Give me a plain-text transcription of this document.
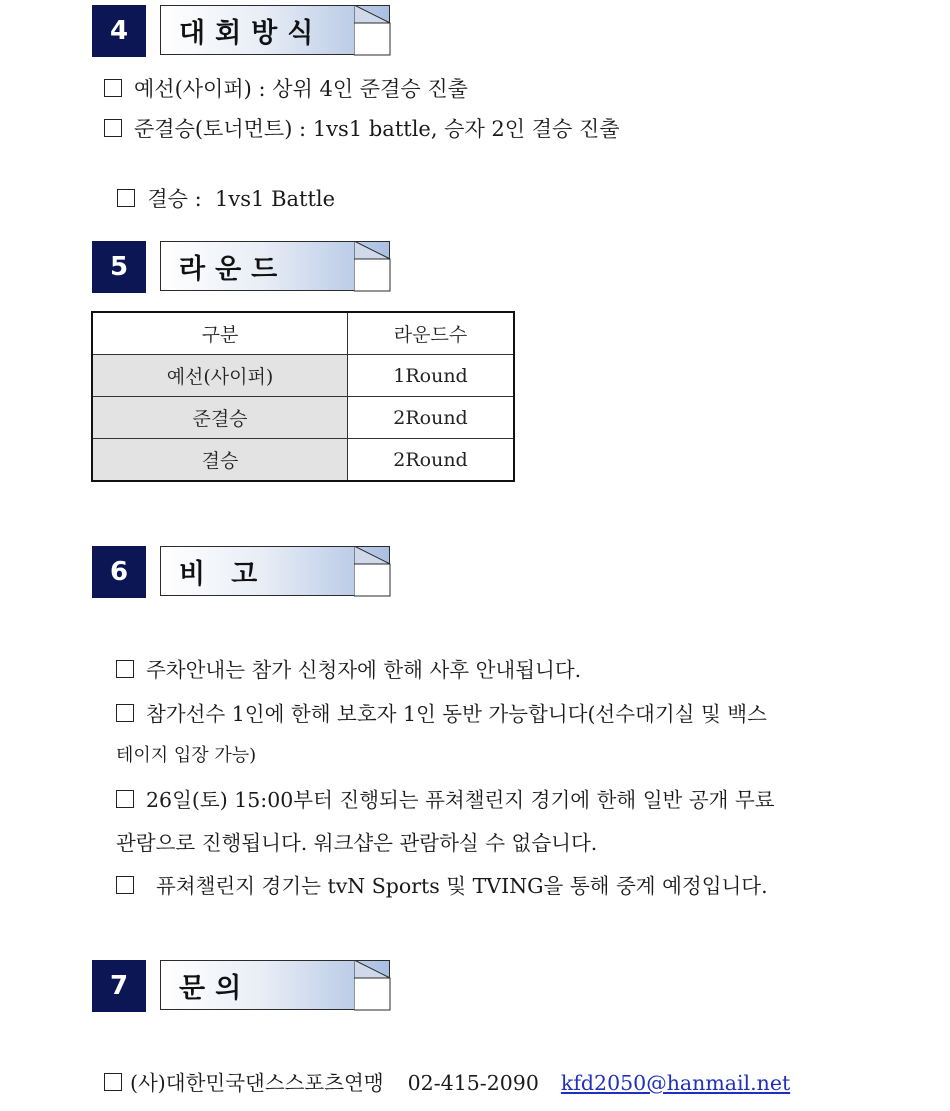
4	대회방식
예선(사이퍼) : 상위 4인 준결승 진출
준결승(토너먼트) : 1vs1 battle, 승자 2인 결승 진출

결승 :  1vs1 Battle

5	라운드
구분	라운드수
예선(사이퍼)	1Round
준결승	2Round
결승	2Round
6	비고
주차안내는 참가 신청자에 한해 사후 안내됩니다.
참가선수 1인에 한해 보호자 1인 동반 가능합니다(선수대기실 및 백스
테이지 입장 가능)
26일(토) 15:00부터 진행되는 퓨쳐챌린지 경기에 한해 일반 공개 무료
관람으로 진행됩니다. 워크샵은 관람하실 수 없습니다.
퓨쳐챌린지 경기는 tvN Sports 및 TVING을 통해 중계 예정입니다.
7	문의
(사)대한민국댄스스포츠연맹 02-415-2090 kfd2050@hanmail.net
